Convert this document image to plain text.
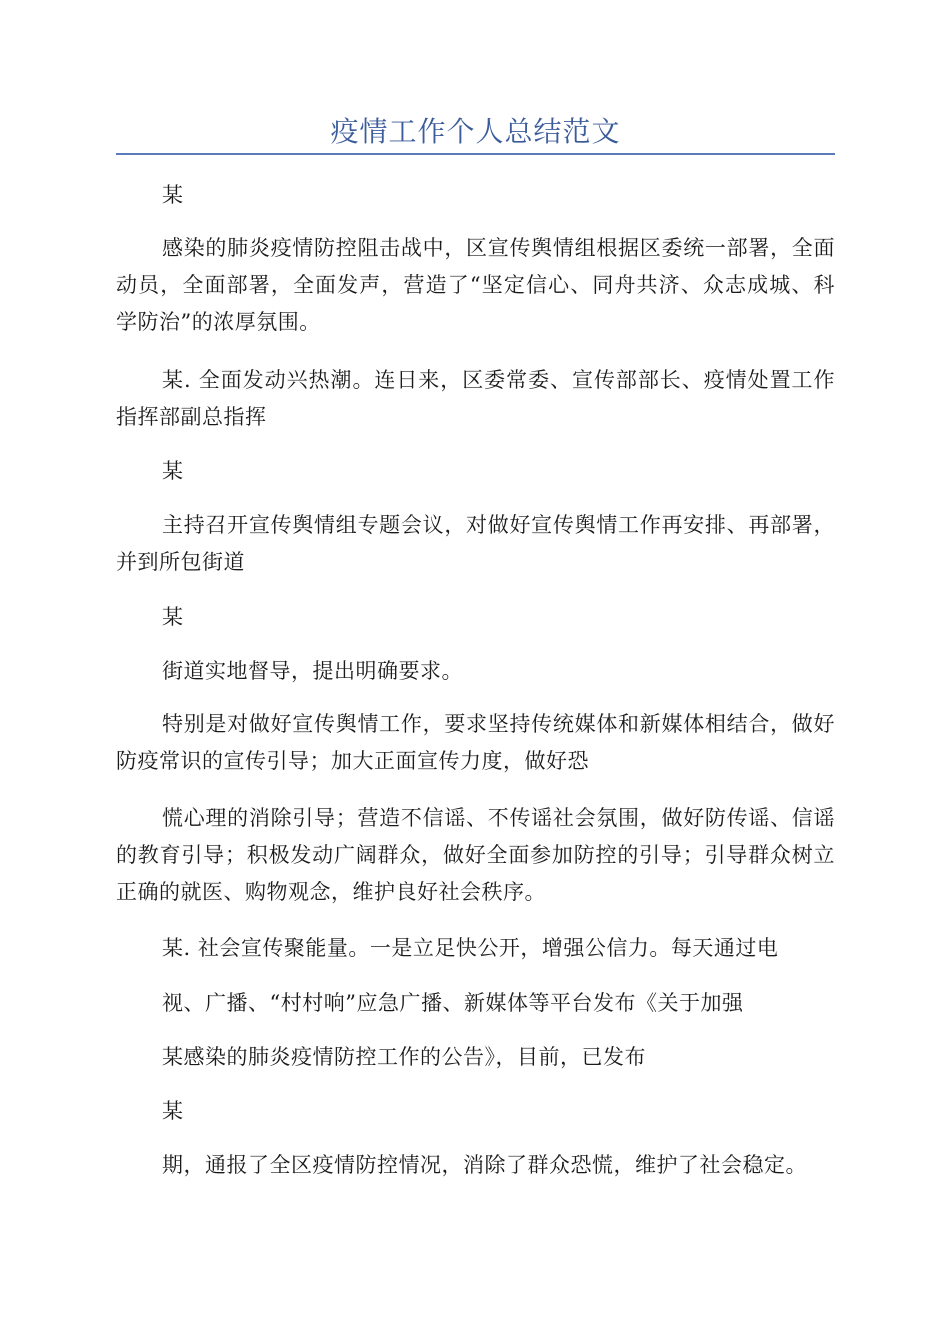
疫情工作个人总结范文

某

感染的肺炎疫情防控阻击战中，区宣传舆情组根据区委统一部署，全面动员，全面部署，全面发声，营造了“坚定信心、同舟共济、众志成城、科学防治”的浓厚氛围。

某. 全面发动兴热潮。连日来，区委常委、宣传部部长、疫情处置工作指挥部副总指挥

某

主持召开宣传舆情组专题会议，对做好宣传舆情工作再安排、再部署，并到所包街道

某

街道实地督导，提出明确要求。

特别是对做好宣传舆情工作，要求坚持传统媒体和新媒体相结合，做好防疫常识的宣传引导；加大正面宣传力度，做好恐

慌心理的消除引导；营造不信谣、不传谣社会氛围，做好防传谣、信谣的教育引导；积极发动广阔群众，做好全面参加防控的引导；引导群众树立正确的就医、购物观念，维护良好社会秩序。

某. 社会宣传聚能量。一是立足快公开，增强公信力。每天通过电

视、广播、“村村响”应急广播、新媒体等平台发布《关于加强

某感染的肺炎疫情防控工作的公告》，目前，已发布

某

期，通报了全区疫情防控情况，消除了群众恐慌，维护了社会稳定。
